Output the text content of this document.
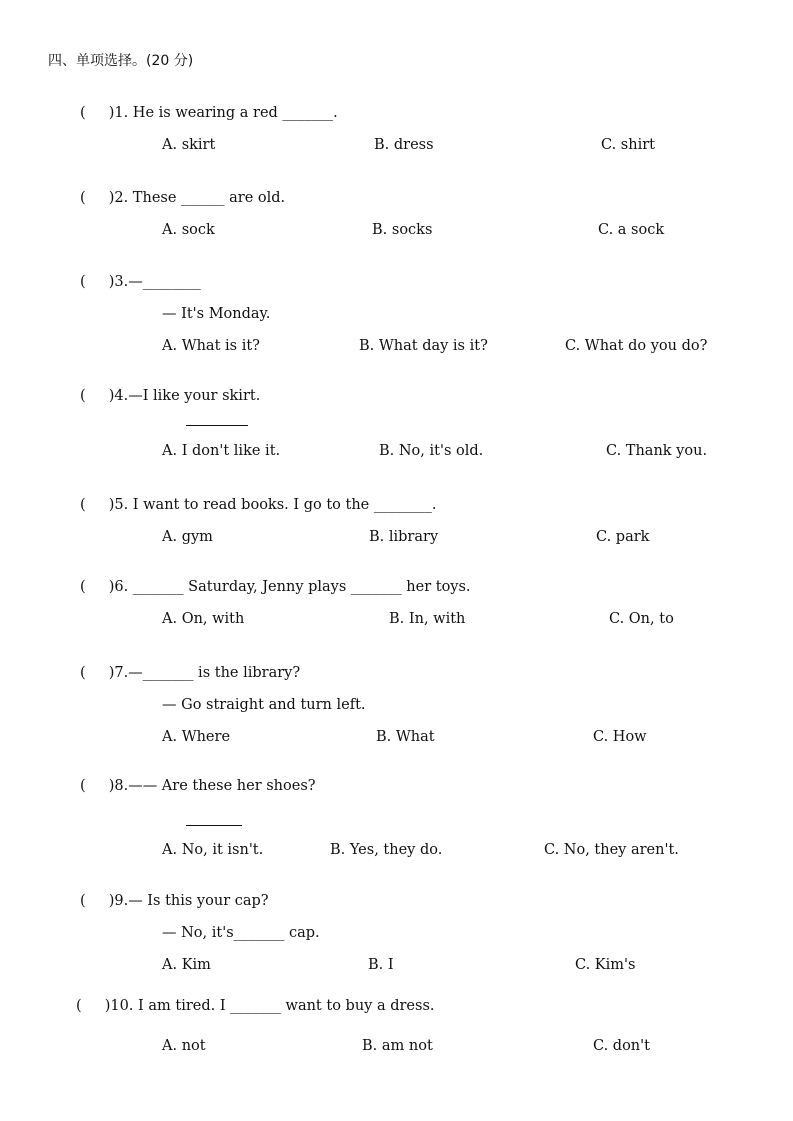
四、单项选择。(20 分)
(     )1. He is wearing a red _______.
A. skirt	B. dress	C. shirt
(     )2. These ______ are old.
A. sock	B. socks	C. a sock
(     )3.—________
— It's Monday.
A. What is it?	B. What day is it?	C. What do you do?
(     )4.—I like your skirt.
A. I don't like it.	B. No, it's old.	C. Thank you.
(     )5. I want to read books. I go to the ________.
A. gym	B. library	C. park
(     )6. _______ Saturday, Jenny plays _______ her toys.
A. On, with	B. In, with	C. On, to
(     )7.—_______ is the library?
— Go straight and turn left.
A. Where	B. What	C. How
(     )8.—— Are these her shoes?
A. No, it isn't.	B. Yes, they do.	C. No, they aren't.
(     )9.— Is this your cap?
— No, it's_______ cap.
A. Kim	B. I	C. Kim's
(     )10. I am tired. I _______ want to buy a dress.
A. not	B. am not	C. don't
